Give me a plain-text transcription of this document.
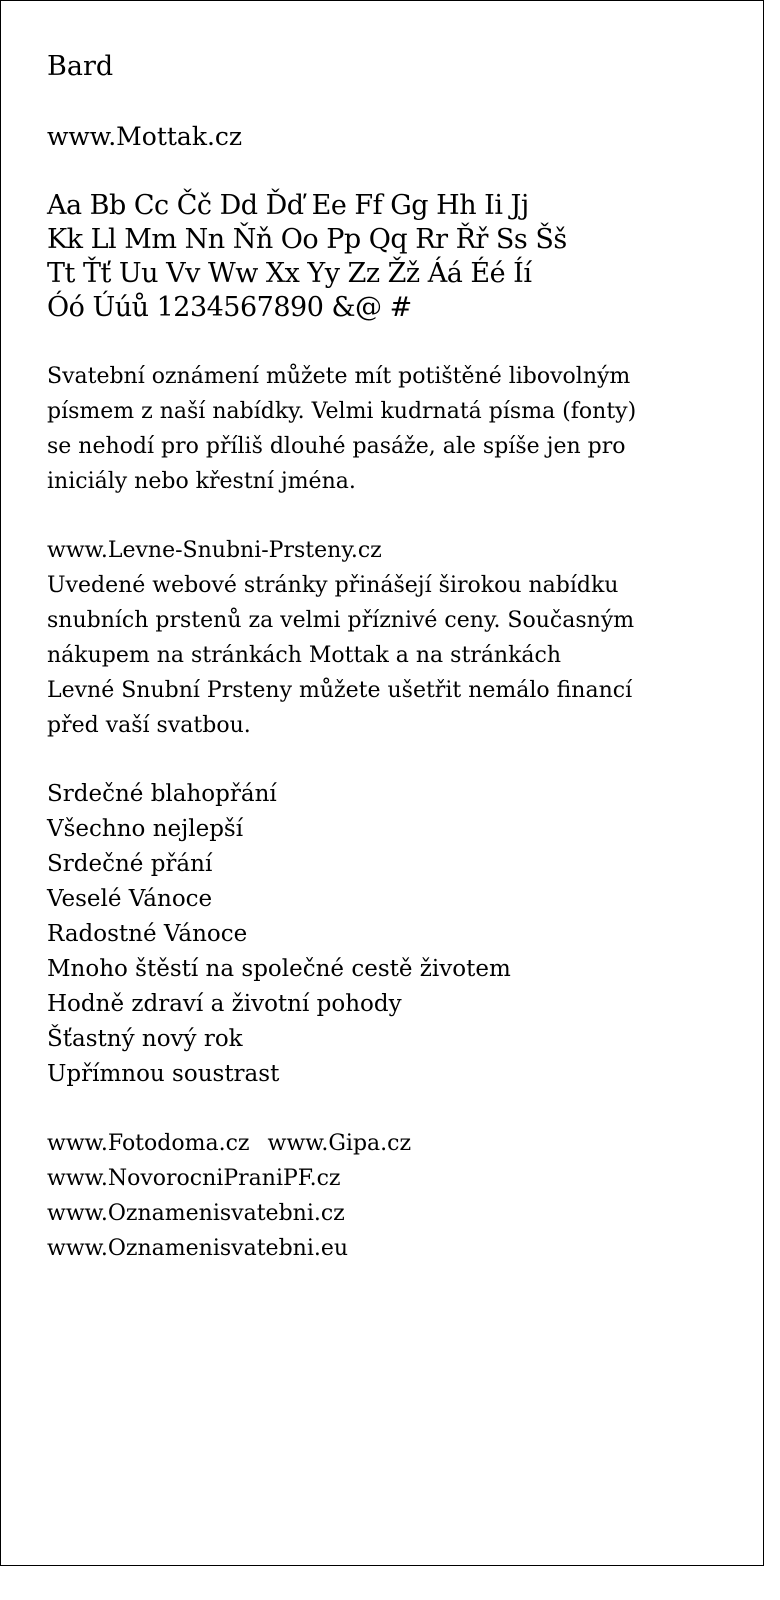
Bard

www.Mottak.cz

Aa Bb Cc Čč Dd Ďď Ee Ff Gg Hh Ii Jj

Kk Ll Mm Nn Ňň Oo Pp Qq Rr Řř Ss Šš

Tt Ťť Uu Vv Ww Xx Yy Zz Žž Áá Éé Íí

Óó Úúů 1234567890 &@ #

Svatební oznámení můžete mít potištěné libovolným

písmem z naší nabídky. Velmi kudrnatá písma (fonty)

se nehodí pro příliš dlouhé pasáže, ale spíše jen pro

iniciály nebo křestní jména.

www.Levne-Snubni-Prsteny.cz

Uvedené webové stránky přinášejí širokou nabídku

snubních prstenů za velmi příznivé ceny. Současným

nákupem na stránkách Mottak a na stránkách

Levné Snubní Prsteny můžete ušetřit nemálo financí

před vaší svatbou.

Srdečné blahopřání

Všechno nejlepší

Srdečné přání

Veselé Vánoce

Radostné Vánoce

Mnoho štěstí na společné cestě životem

Hodně zdraví a životní pohody

Šťastný nový rok

Upřímnou soustrast

www.Fotodoma.cz www.Gipa.cz

www.NovorocniPraniPF.cz

www.Oznamenisvatebni.cz

www.Oznamenisvatebni.eu
